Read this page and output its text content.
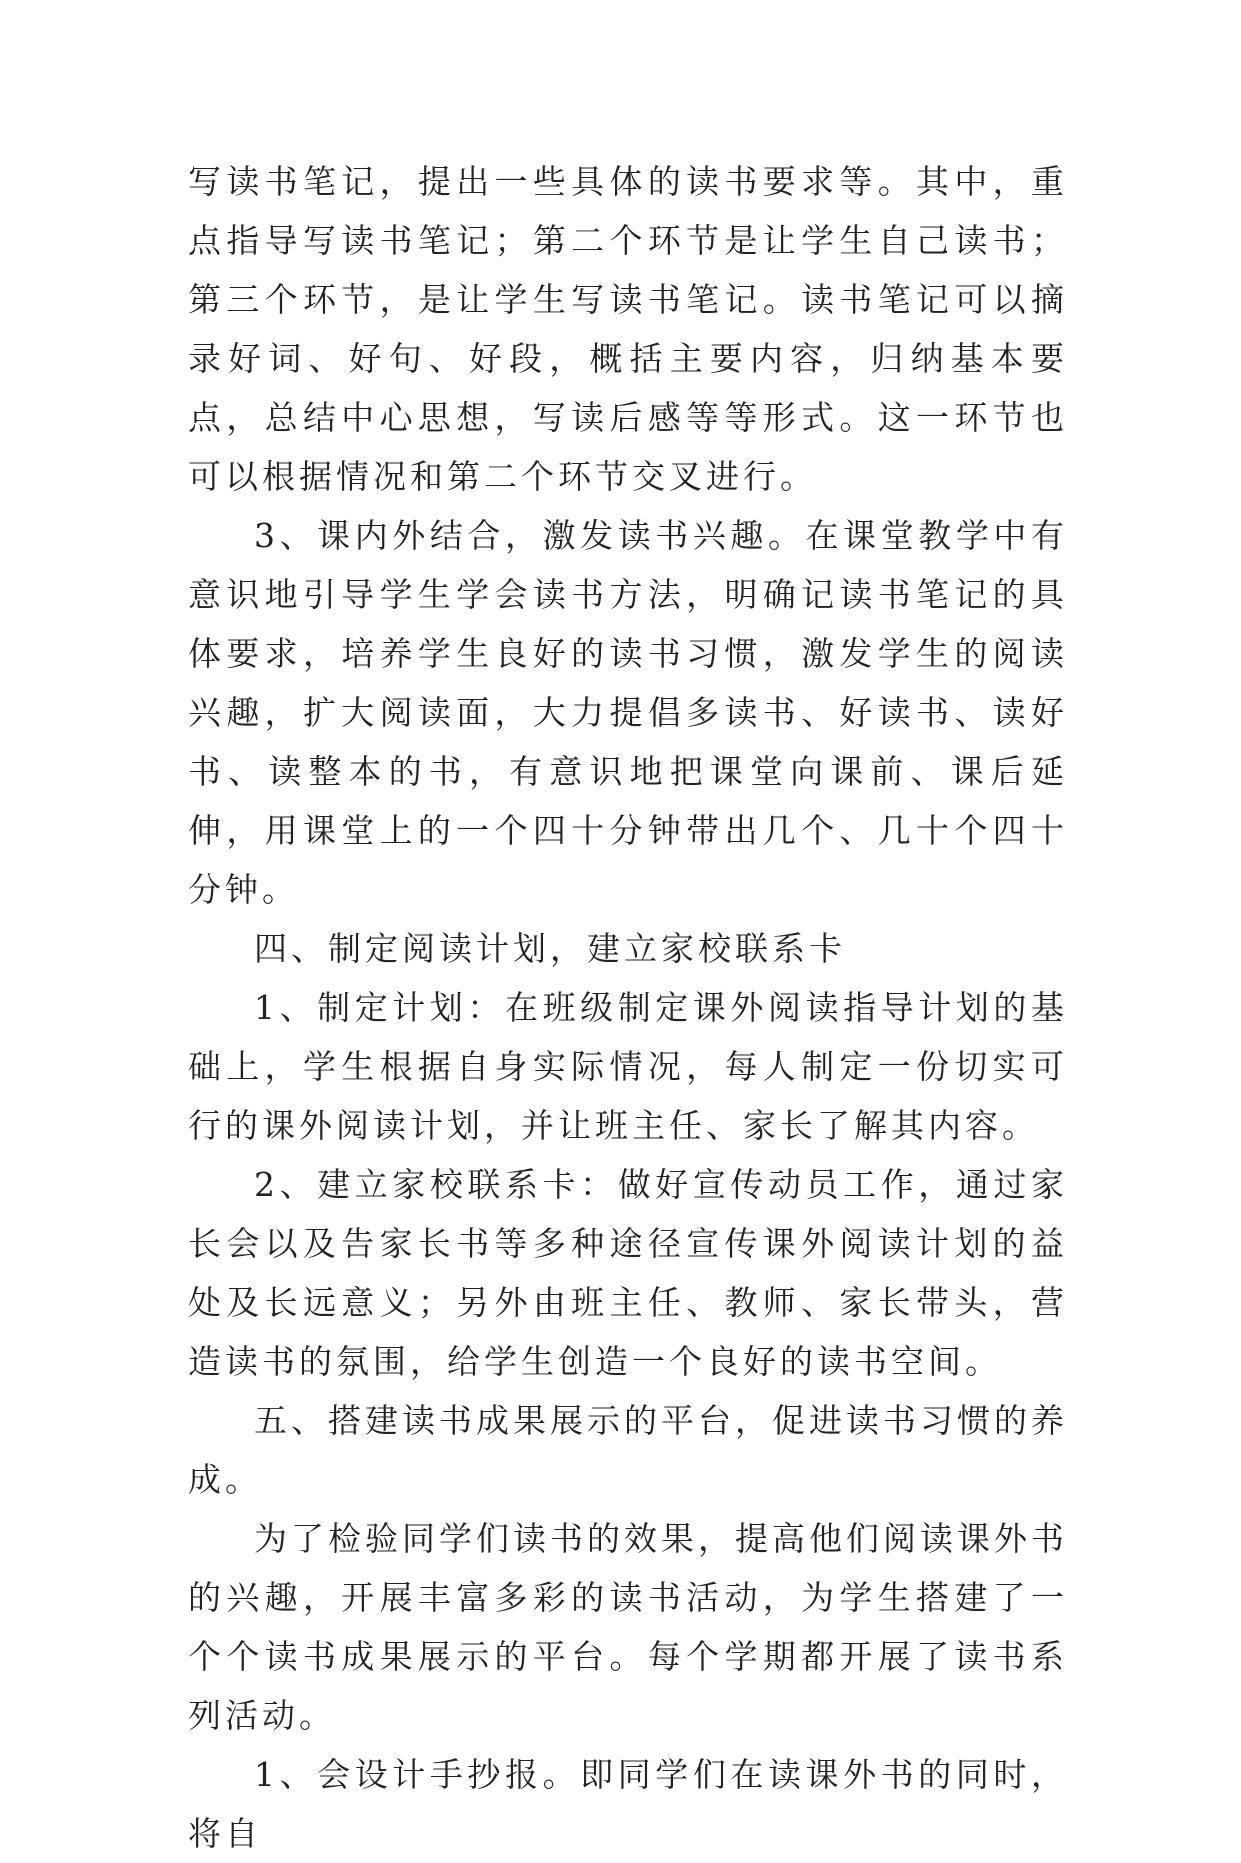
写读书笔记，提出一些具体的读书要求等。其中，重点指导写读书笔记；第二个环节是让学生自己读书；第三个环节，是让学生写读书笔记。读书笔记可以摘录好词、好句、好段，概括主要内容，归纳基本要点，总结中心思想，写读后感等等形式。这一环节也可以根据情况和第二个环节交叉进行。

3、课内外结合，激发读书兴趣。在课堂教学中有意识地引导学生学会读书方法，明确记读书笔记的具体要求，培养学生良好的读书习惯，激发学生的阅读兴趣，扩大阅读面，大力提倡多读书、好读书、读好书、读整本的书，有意识地把课堂向课前、课后延伸，用课堂上的一个四十分钟带出几个、几十个四十分钟。

四、制定阅读计划，建立家校联系卡

1、制定计划：在班级制定课外阅读指导计划的基础上，学生根据自身实际情况，每人制定一份切实可行的课外阅读计划，并让班主任、家长了解其内容。

2、建立家校联系卡：做好宣传动员工作，通过家长会以及告家长书等多种途径宣传课外阅读计划的益处及长远意义；另外由班主任、教师、家长带头，营造读书的氛围，给学生创造一个良好的读书空间。

五、搭建读书成果展示的平台，促进读书习惯的养成。

为了检验同学们读书的效果，提高他们阅读课外书的兴趣，开展丰富多彩的读书活动，为学生搭建了一个个读书成果展示的平台。每个学期都开展了读书系列活动。

1、会设计手抄报。即同学们在读课外书的同时，将自
